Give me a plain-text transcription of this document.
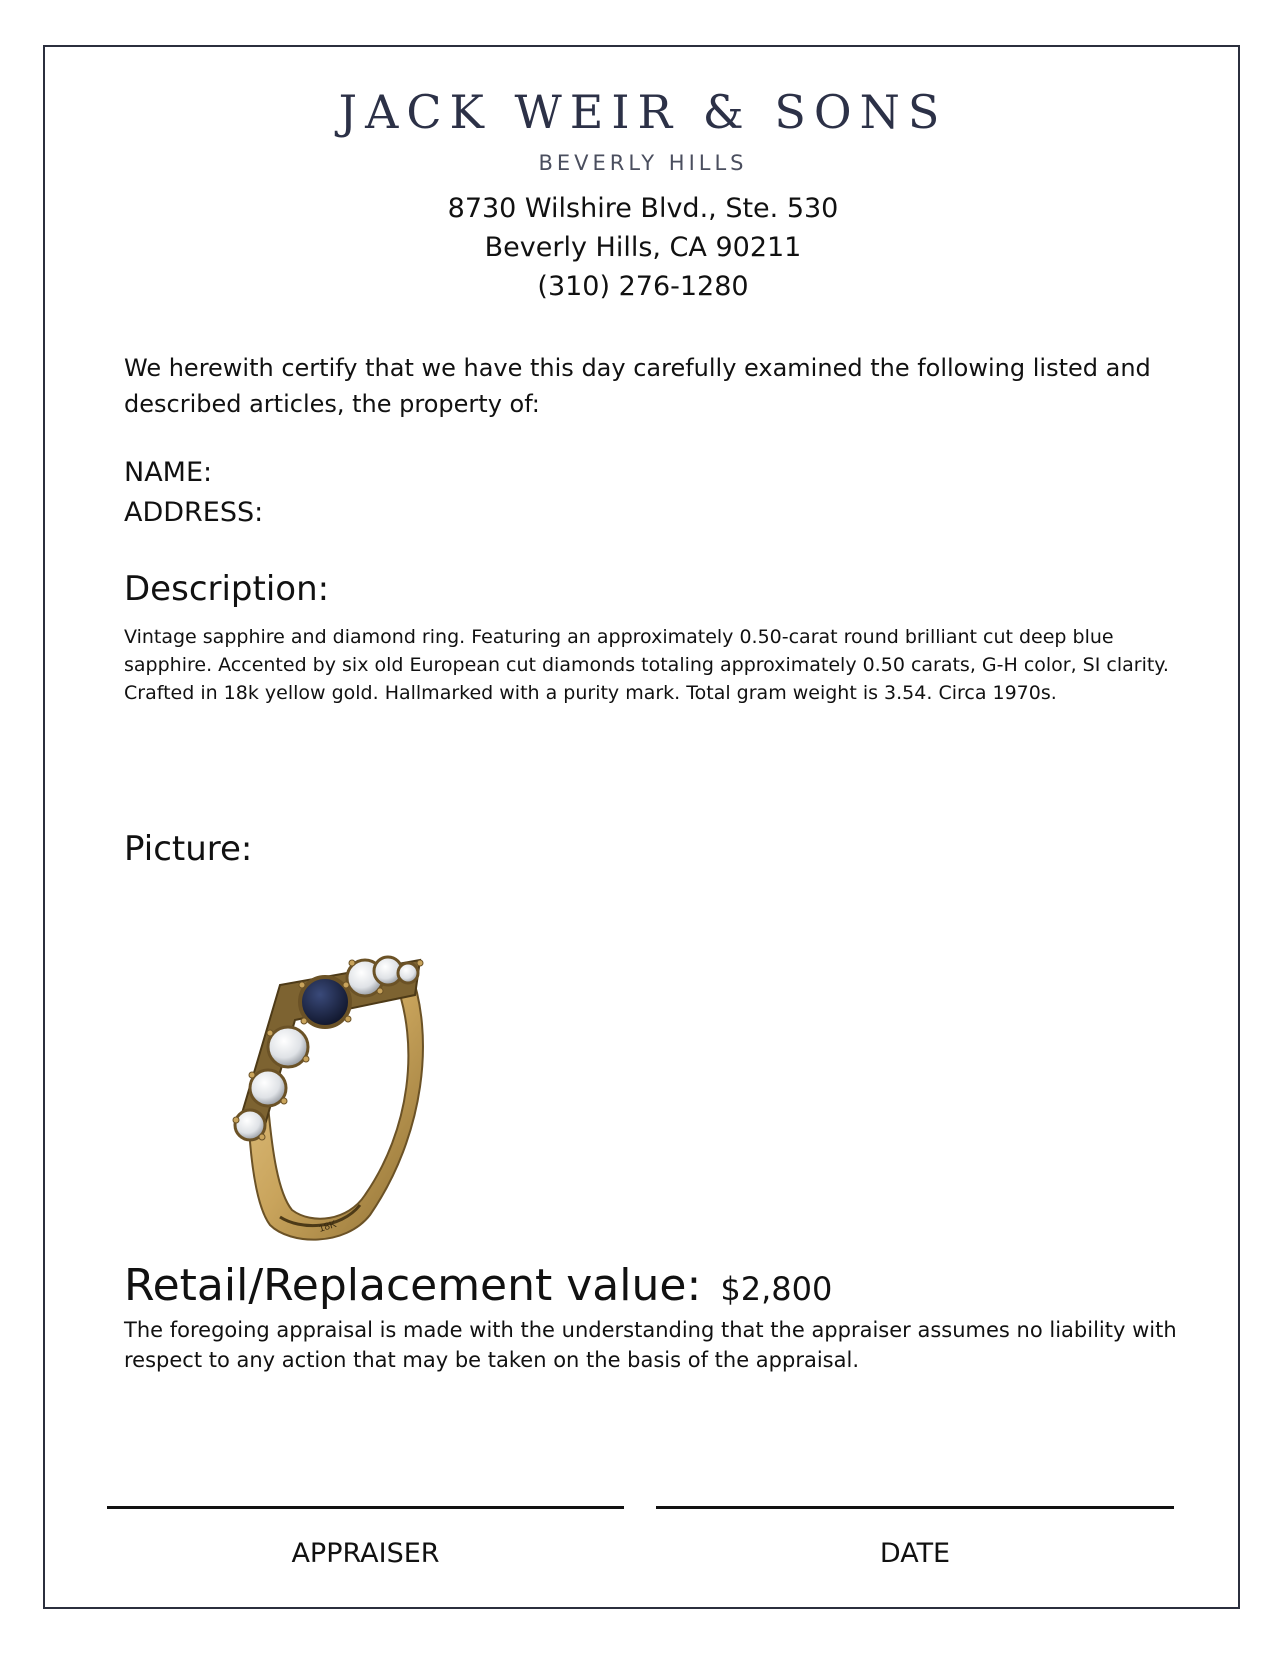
JACK WEIR & SONS
BEVERLY HILLS
8730 Wilshire Blvd., Ste. 530
Beverly Hills, CA 90211
(310) 276-1280
We herewith certify that we have this day carefully examined the following listed and described articles, the property of:
NAME:
ADDRESS:
Description:
Vintage sapphire and diamond ring. Featuring an approximately 0.50-carat round brilliant cut deep blue sapphire. Accented by six old European cut diamonds totaling approximately 0.50 carats, G-H color, SI clarity. Crafted in 18k yellow gold. Hallmarked with a purity mark. Total gram weight is 3.54. Circa 1970s.
Picture:
18K
Retail/Replacement value: $2,800
The foregoing appraisal is made with the understanding that the appraiser assumes no liability with respect to any action that may be taken on the basis of the appraisal.
APPRAISER	DATE
